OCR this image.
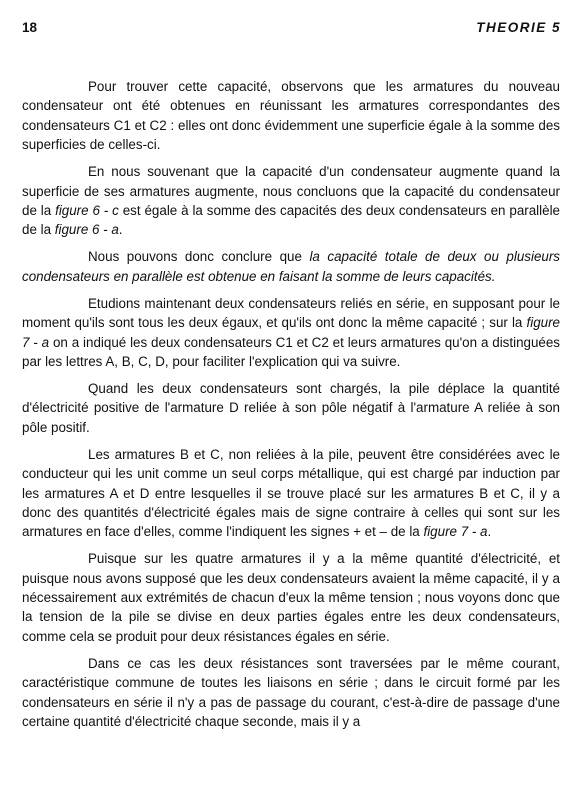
18	THEORIE 5

Pour trouver cette capacité, observons que les armatures du nouveau condensateur ont été obtenues en réunissant les armatures correspondantes des condensateurs C1 et C2 : elles ont donc évidemment une superficie égale à la somme des superficies de celles-ci.

En nous souvenant que la capacité d'un condensateur augmente quand la superficie de ses armatures augmente, nous concluons que la capacité du condensateur de la figure 6 - c est égale à la somme des capacités des deux condensateurs en parallèle de la figure 6 - a.

Nous pouvons donc conclure que la capacité totale de deux ou plusieurs condensateurs en parallèle est obtenue en faisant la somme de leurs capacités.

Etudions maintenant deux condensateurs reliés en série, en supposant pour le moment qu'ils sont tous les deux égaux, et qu'ils ont donc la même capacité ; sur la figure 7 - a on a indiqué les deux condensateurs C1 et C2 et leurs armatures qu'on a distinguées par les lettres A, B, C, D, pour faciliter l'explication qui va suivre.

Quand les deux condensateurs sont chargés, la pile déplace la quantité d'électricité positive de l'armature D reliée à son pôle négatif à l'armature A reliée à son pôle positif.

Les armatures B et C, non reliées à la pile, peuvent être considérées avec le conducteur qui les unit comme un seul corps métallique, qui est chargé par induction par les armatures A et D entre lesquelles il se trouve placé sur les armatures B et C, il y a donc des quantités d'électricité égales mais de signe contraire à celles qui sont sur les armatures en face d'elles, comme l'indiquent les signes + et – de la figure 7 - a.

Puisque sur les quatre armatures il y a la même quantité d'électricité, et puisque nous avons supposé que les deux condensateurs avaient la même capacité, il y a nécessairement aux extrémités de chacun d'eux la même tension ; nous voyons donc que la tension de la pile se divise en deux parties égales entre les deux condensateurs, comme cela se produit pour deux résistances égales en série.

Dans ce cas les deux résistances sont traversées par le même courant, caractéristique commune de toutes les liaisons en série ; dans le circuit formé par les condensateurs en série il n'y a pas de passage du courant, c'est-à-dire de passage d'une certaine quantité d'électricité chaque seconde, mais il y a
